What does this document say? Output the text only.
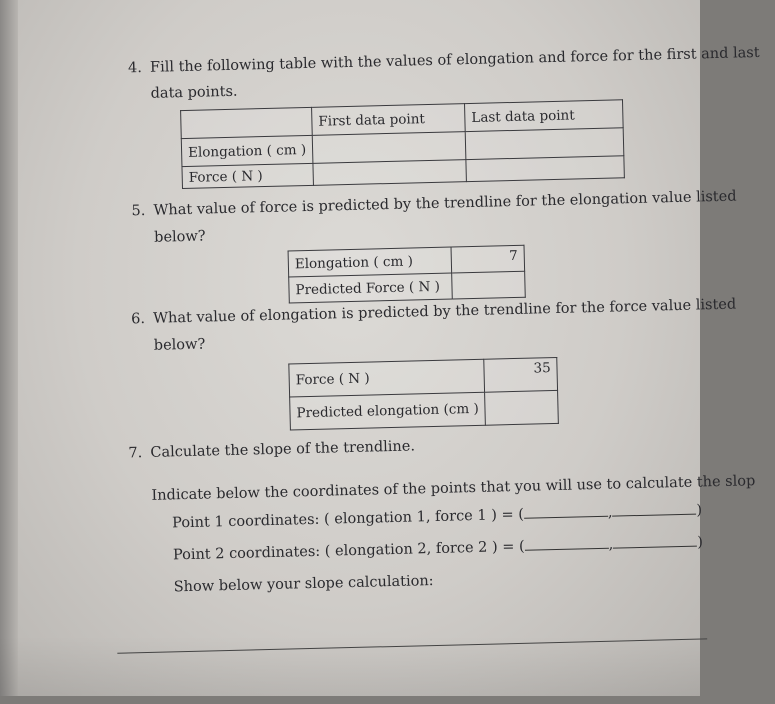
4. Fill the following table with the values of elongation and force for the first and last
data points.
	First data point	Last data point
Elongation ( cm )		
Force ( N )		
5. What value of force is predicted by the trendline for the elongation value listed
below?
Elongation ( cm )	7
Predicted Force ( N )	
6. What value of elongation is predicted by the trendline for the force value listed
below?
Force ( N )	35
Predicted elongation (cm )	
7. Calculate the slope of the trendline.
Indicate below the coordinates of the points that you will use to calculate the slop
Point 1 coordinates: ( elongation 1, force 1 ) = (	,	)
Point 2 coordinates: ( elongation 2, force 2 ) = (	,	)
Show below your slope calculation:
